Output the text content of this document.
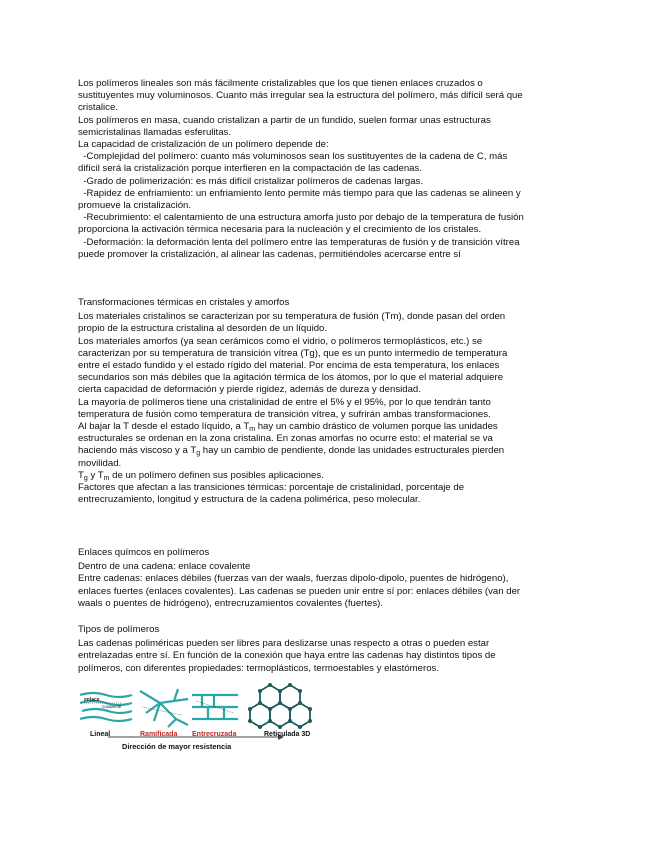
Los polímeros lineales son más fácilmente cristalizables que los que tienen enlaces cruzados o
sustituyentes muy voluminosos. Cuanto más irregular sea la estructura del polímero, más difícil será que
cristalice.
Los polímeros en masa, cuando cristalizan a partir de un fundido, suelen formar unas estructuras
semicristalinas llamadas esferulitas.
La capacidad de cristalización de un polímero depende de:
-Complejidad del polímero: cuanto más voluminosos sean los sustituyentes de la cadena de C, más
difícil será la cristalización porque interfieren en la compactación de las cadenas.
-Grado de polimerización: es más difícil cristalizar polímeros de cadenas largas.
-Rapidez de enfriamiento: un enfriamiento lento permite más tiempo para que las cadenas se alineen y
promueve la cristalización.
-Recubrimiento: el calentamiento de una estructura amorfa justo por debajo de la temperatura de fusión
proporciona la activación térmica necesaria para la nucleación y el crecimiento de los cristales.
-Deformación: la deformación lenta del polímero entre las temperaturas de fusión y de transición vítrea
puede promover la cristalización, al alinear las cadenas, permitiéndoles acercarse entre sí
Transformaciones térmicas en cristales y amorfos
Los materiales cristalinos se caracterizan por su temperatura de fusión (Tm), donde pasan del orden
propio de la estructura cristalina al desorden de un líquido.
Los materiales amorfos (ya sean cerámicos como el vidrio, o polímeros termoplásticos, etc.) se
caracterizan por su temperatura de transición vítrea (Tg), que es un punto intermedio de temperatura
entre el estado fundido y el estado rígido del material. Por encima de esta temperatura, los enlaces
secundarios son más débiles que la agitación térmica de los átomos, por lo que el material adquiere
cierta capacidad de deformación y pierde rigidez, además de dureza y densidad.
La mayoría de polímeros tiene una cristalinidad de entre el 5% y el 95%, por lo que tendrán tanto
temperatura de fusión como temperatura de transición vítrea, y sufrirán ambas transformaciones.
Al bajar la T desde el estado líquido, a $T_m$ hay un cambio drástico de volumen porque las unidades
estructurales se ordenan en la zona cristalina. En zonas amorfas no ocurre esto: el material se va
haciendo más viscoso y a $T_g$ hay un cambio de pendiente, donde las unidades estructurales pierden
movilidad.
$T_g$ y $T_m$ de un polímero definen sus posibles aplicaciones.
Factores que afectan a las transiciones térmicas: porcentaje de cristalinidad, porcentaje de
entrecruzamiento, longitud y estructura de la cadena polimérica, peso molecular.
Enlaces químcos en polímeros
Dentro de una cadena: enlace covalente
Entre cadenas: enlaces débiles (fuerzas van der waals, fuerzas dipolo-dipolo, puentes de hidrógeno),
enlaces fuertes (enlaces covalentes). Las cadenas se pueden unir entre sí por: enlaces débiles (van der
waals o puentes de hidrógeno), entrecruzamientos covalentes (fuertes).
Tipos de polímeros
Las cadenas poliméricas pueden ser libres para deslizarse unas respecto a otras o pueden estar
entrelazadas entre sí. En función de la conexión que haya entre las cadenas hay distintos tipos de
polímeros, con diferentes propiedades: termoplásticos, termoestables y elastómeros.
enlace
covalente
Lineal	Ramificada Entrecruzada	Reticulada 3D
Dirección de mayor resistencia
